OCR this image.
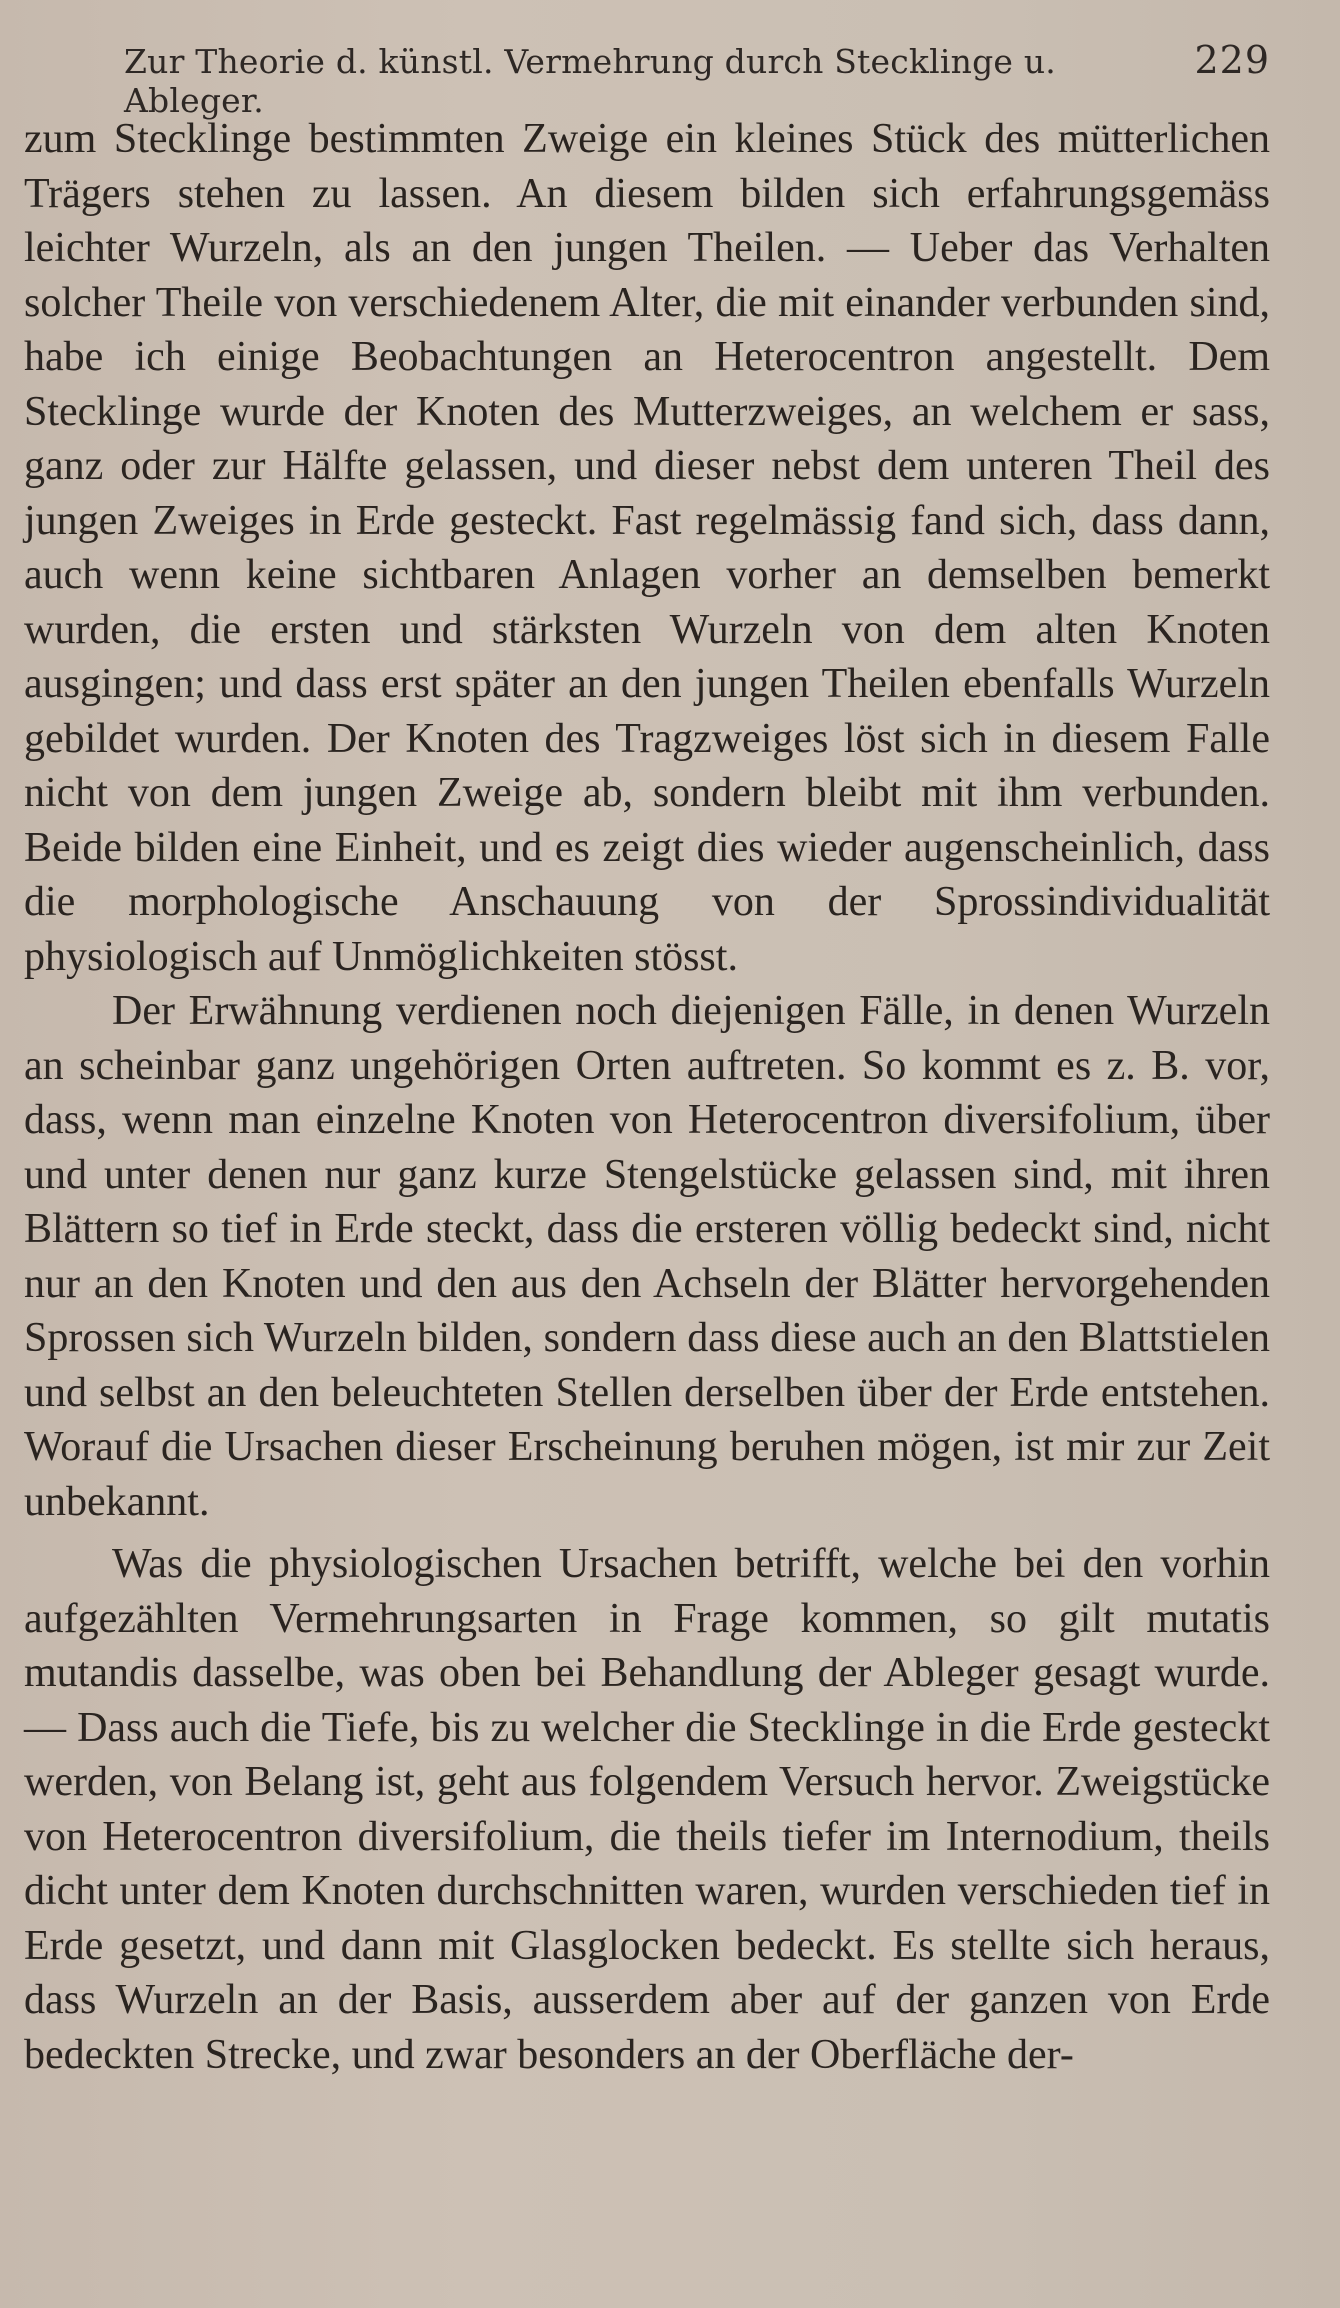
Zur Theorie d. künstl. Vermehrung durch Stecklinge u. Ableger.
229

zum Stecklinge bestimmten Zweige ein kleines Stück des mütterlichen Trägers stehen zu lassen. An diesem bilden sich erfahrungsgemäss leichter Wurzeln, als an den jungen Theilen. — Ueber das Verhalten solcher Theile von verschiedenem Alter, die mit einander verbunden sind, habe ich einige Beobachtungen an Heterocentron angestellt. Dem Stecklinge wurde der Knoten des Mutterzweiges, an welchem er sass, ganz oder zur Hälfte gelassen, und dieser nebst dem unteren Theil des jungen Zweiges in Erde gesteckt. Fast regelmässig fand sich, dass dann, auch wenn keine sichtbaren Anlagen vorher an demselben bemerkt wurden, die ersten und stärksten Wurzeln von dem alten Knoten ausgingen; und dass erst später an den jungen Theilen ebenfalls Wurzeln gebildet wurden. Der Knoten des Tragzweiges löst sich in diesem Falle nicht von dem jungen Zweige ab, sondern bleibt mit ihm verbunden. Beide bilden eine Einheit, und es zeigt dies wieder augenscheinlich, dass die morphologische Anschauung von der Sprossindividualität physiologisch auf Unmöglichkeiten stösst.

Der Erwähnung verdienen noch diejenigen Fälle, in denen Wurzeln an scheinbar ganz ungehörigen Orten auftreten. So kommt es z. B. vor, dass, wenn man einzelne Knoten von Heterocentron diversifolium, über und unter denen nur ganz kurze Stengelstücke gelassen sind, mit ihren Blättern so tief in Erde steckt, dass die ersteren völlig bedeckt sind, nicht nur an den Knoten und den aus den Achseln der Blätter hervorgehenden Sprossen sich Wurzeln bilden, sondern dass diese auch an den Blattstielen und selbst an den beleuchteten Stellen derselben über der Erde entstehen. Worauf die Ursachen dieser Erscheinung beruhen mögen, ist mir zur Zeit unbekannt.

Was die physiologischen Ursachen betrifft, welche bei den vorhin aufgezählten Vermehrungsarten in Frage kommen, so gilt mutatis mutandis dasselbe, was oben bei Behandlung der Ableger gesagt wurde. — Dass auch die Tiefe, bis zu welcher die Stecklinge in die Erde gesteckt werden, von Belang ist, geht aus folgendem Versuch hervor. Zweigstücke von Heterocentron diversifolium, die theils tiefer im Internodium, theils dicht unter dem Knoten durchschnitten waren, wurden verschieden tief in Erde gesetzt, und dann mit Glasglocken bedeckt. Es stellte sich heraus, dass Wurzeln an der Basis, ausserdem aber auf der ganzen von Erde bedeckten Strecke, und zwar besonders an der Oberfläche der-
